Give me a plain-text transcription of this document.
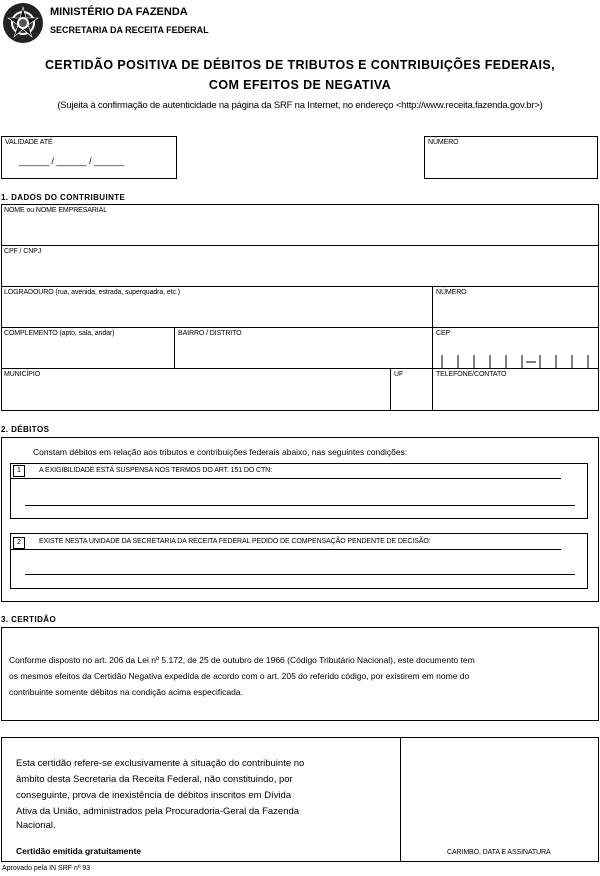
MINISTÉRIO DA FAZENDA
SECRETARIA DA RECEITA FEDERAL
CERTIDÃO POSITIVA DE DÉBITOS DE TRIBUTOS E CONTRIBUIÇÕES FEDERAIS,
COM EFEITOS DE NEGATIVA
(Sujeita à confirmação de autenticidade na página da SRF na Internet, no endereço <http://www.receita.fazenda.gov.br>)
VALIDADE ATÉ
______ / ______ / ______
NÚMERO
1. DADOS DO CONTRIBUINTE
NOME ou NOME EMPRESARIAL
CPF / CNPJ
LOGRADOURO (rua, avenida, estrada, superquadra, etc.)	NÚMERO
COMPLEMENTO (apto, sala, andar)	BAIRRO / DISTRITO	CEP
MUNICÍPIO	UF	TELEFONE/CONTATO
2. DÉBITOS
Constam débitos em relação aos tributos e contribuições federais abaixo, nas seguintes condições:
1	A EXIGIBILIDADE ESTÁ SUSPENSA NOS TERMOS DO ART. 151 DO CTN:
2	EXISTE NESTA UNIDADE DA SECRETARIA DA RECEITA FEDERAL PEDIDO DE COMPENSAÇÃO PENDENTE DE DECISÃO:
3. CERTIDÃO
Conforme disposto no art. 206 da Lei nº 5.172, de 25 de outubro de 1966 (Código Tributário Nacional), este documento tem
os mesmos efeitos da Certidão Negativa expedida de acordo com o art. 205 do referido código, por existirem em nome do
contribuinte somente débitos na condição acima especificada.
Esta certidão refere-se exclusivamente à situação do contribuinte no
âmbito desta Secretaria da Receita Federal, não constituindo, por
conseguinte, prova de inexistência de débitos inscritos em Dívida
Ativa da União, administrados pela Procuradoria-Geral da Fazenda
Nacional.
Certidão emitida gratuitamente	CARIMBO, DATA E ASSINATURA
Aprovado pela IN SRF nº 93
